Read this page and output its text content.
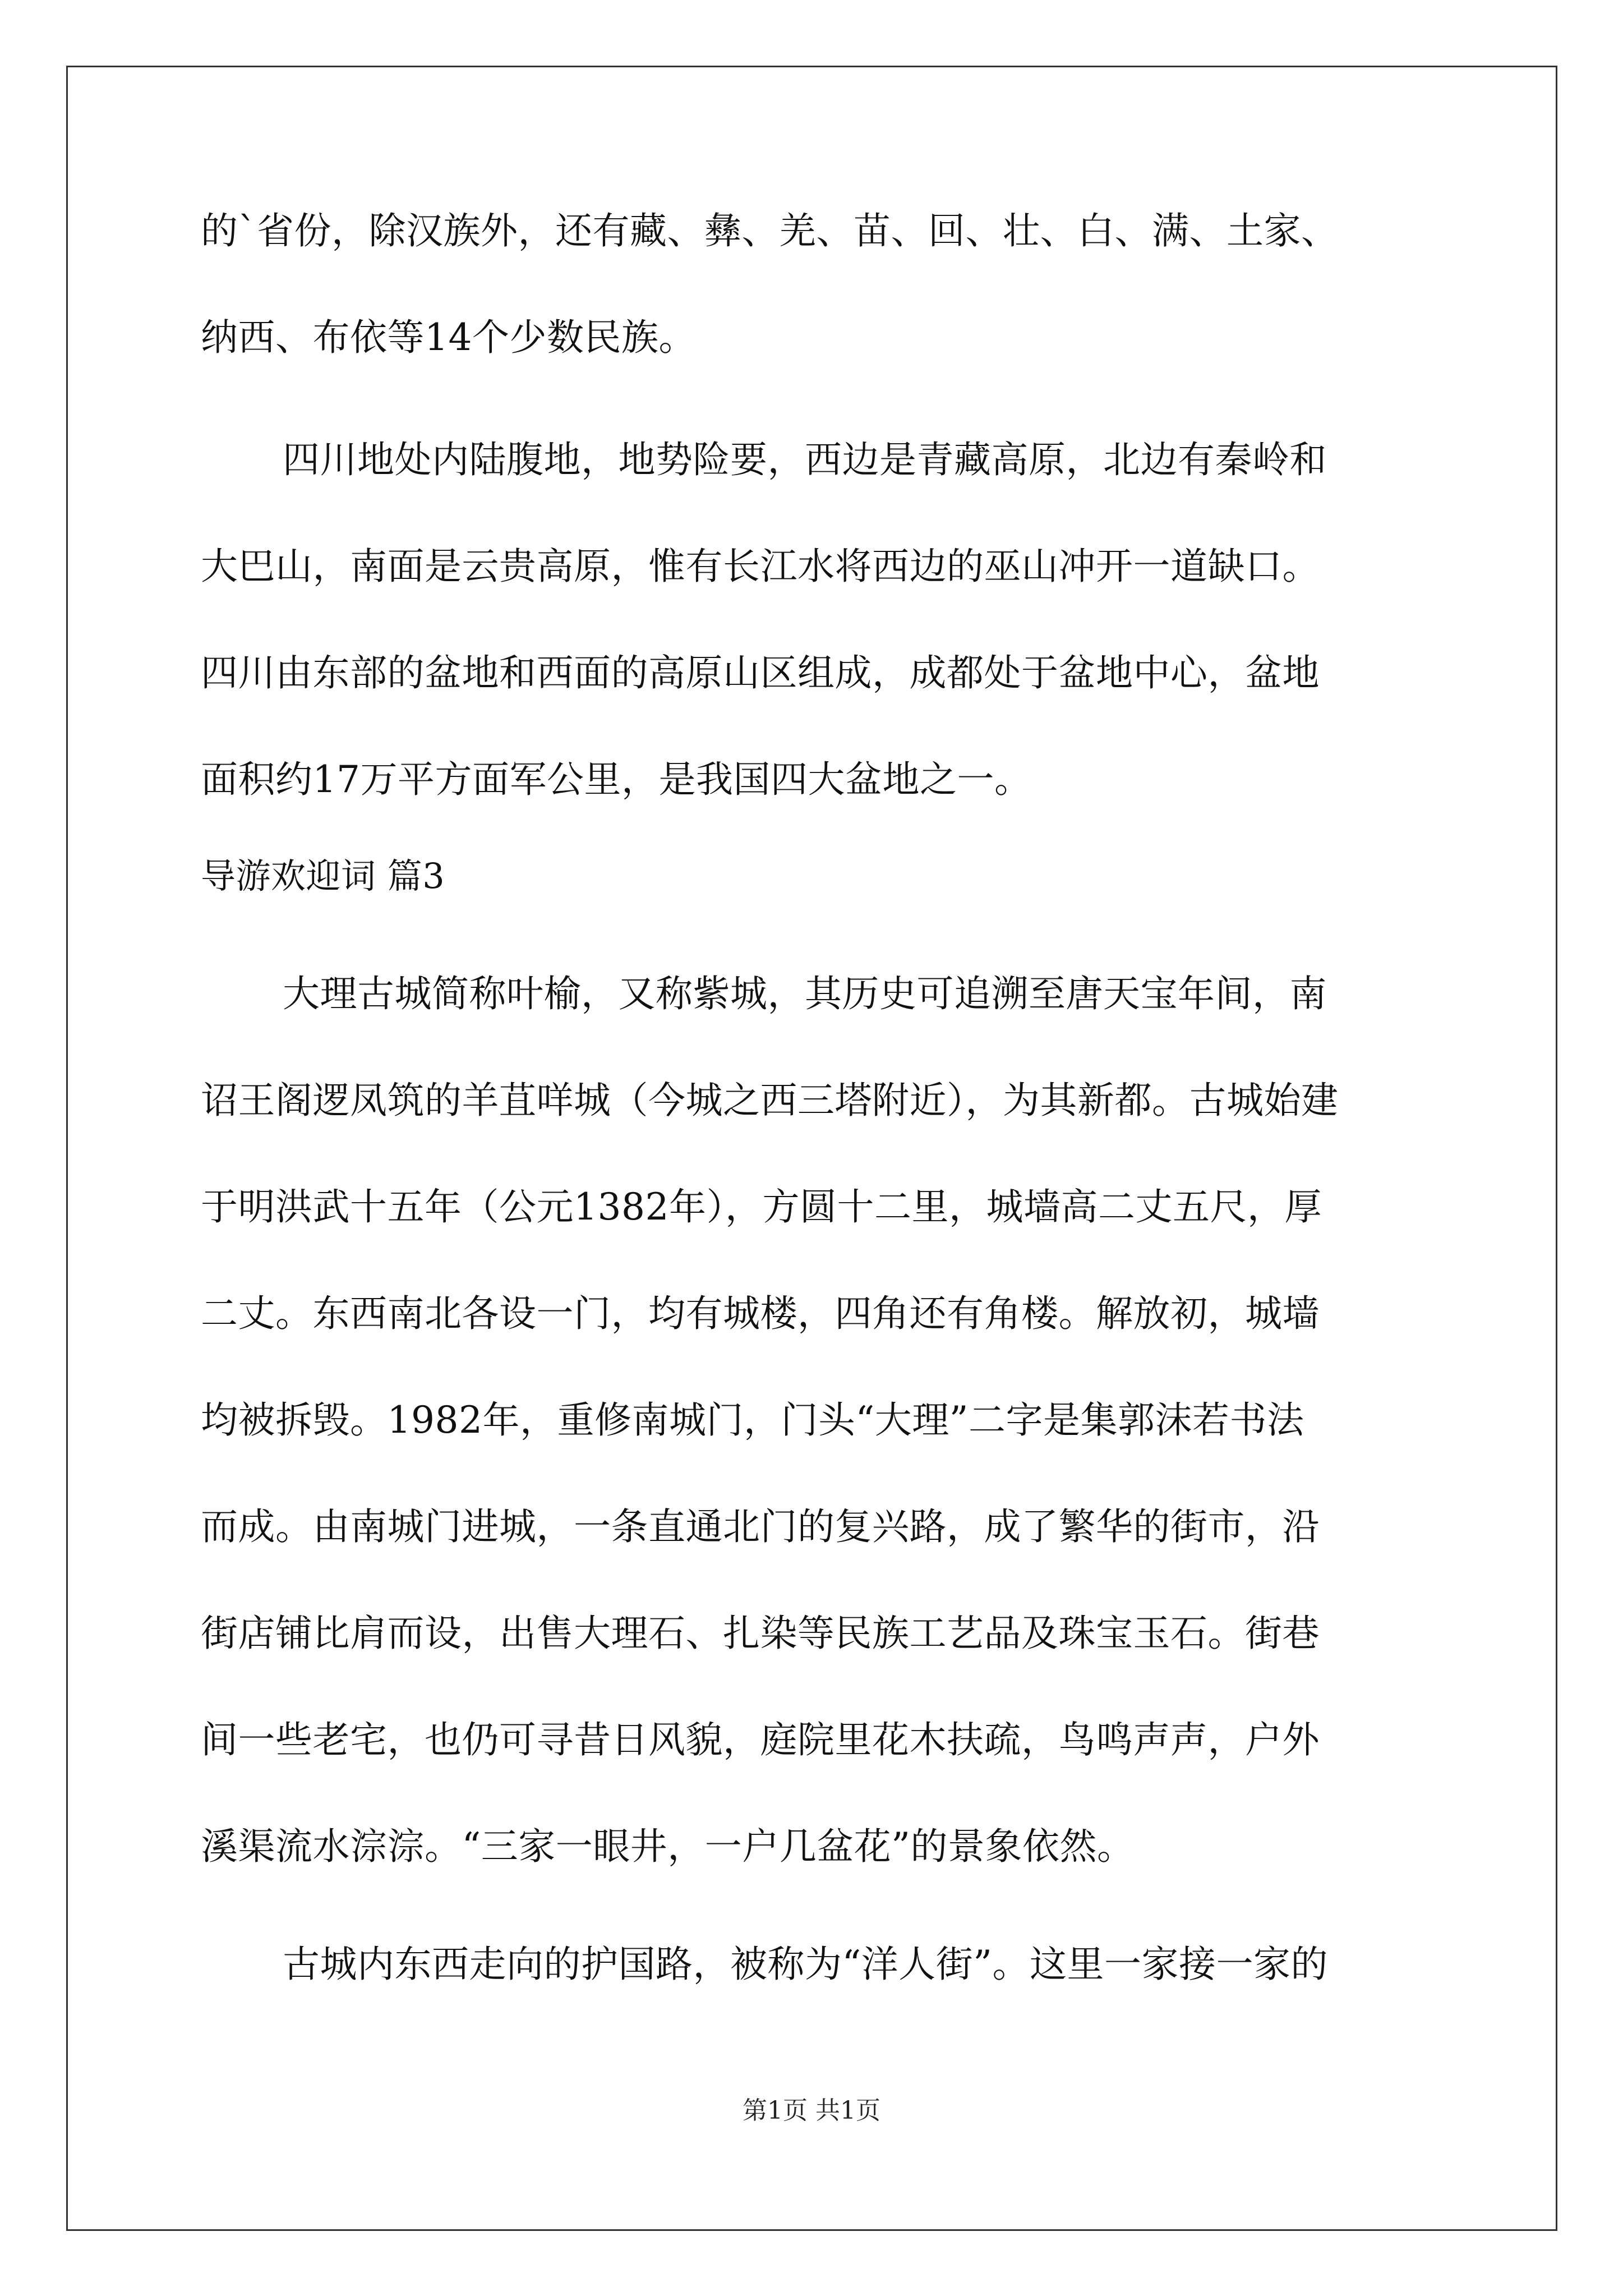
的`省份，除汉族外，还有藏、彝、羌、苗、回、壮、白、满、土家、
纳西、布依等14个少数民族。
四川地处内陆腹地，地势险要，西边是青藏高原，北边有秦岭和
大巴山，南面是云贵高原，惟有长江水将西边的巫山冲开一道缺口。
四川由东部的盆地和西面的高原山区组成，成都处于盆地中心，盆地
面积约17万平方面军公里，是我国四大盆地之一。
导游欢迎词 篇3
大理古城简称叶榆，又称紫城，其历史可追溯至唐天宝年间，南
诏王阁逻凤筑的羊苴咩城（今城之西三塔附近），为其新都。古城始建
于明洪武十五年（公元1382年），方圆十二里，城墙高二丈五尺，厚
二丈。东西南北各设一门，均有城楼，四角还有角楼。解放初，城墙
均被拆毁。1982年，重修南城门，门头“大理”二字是集郭沫若书法
而成。由南城门进城，一条直通北门的复兴路，成了繁华的街市，沿
街店铺比肩而设，出售大理石、扎染等民族工艺品及珠宝玉石。街巷
间一些老宅，也仍可寻昔日风貌，庭院里花木扶疏，鸟鸣声声，户外
溪渠流水淙淙。“三家一眼井，一户几盆花”的景象依然。
古城内东西走向的护国路，被称为“洋人街”。这里一家接一家的
第1页 共1页
